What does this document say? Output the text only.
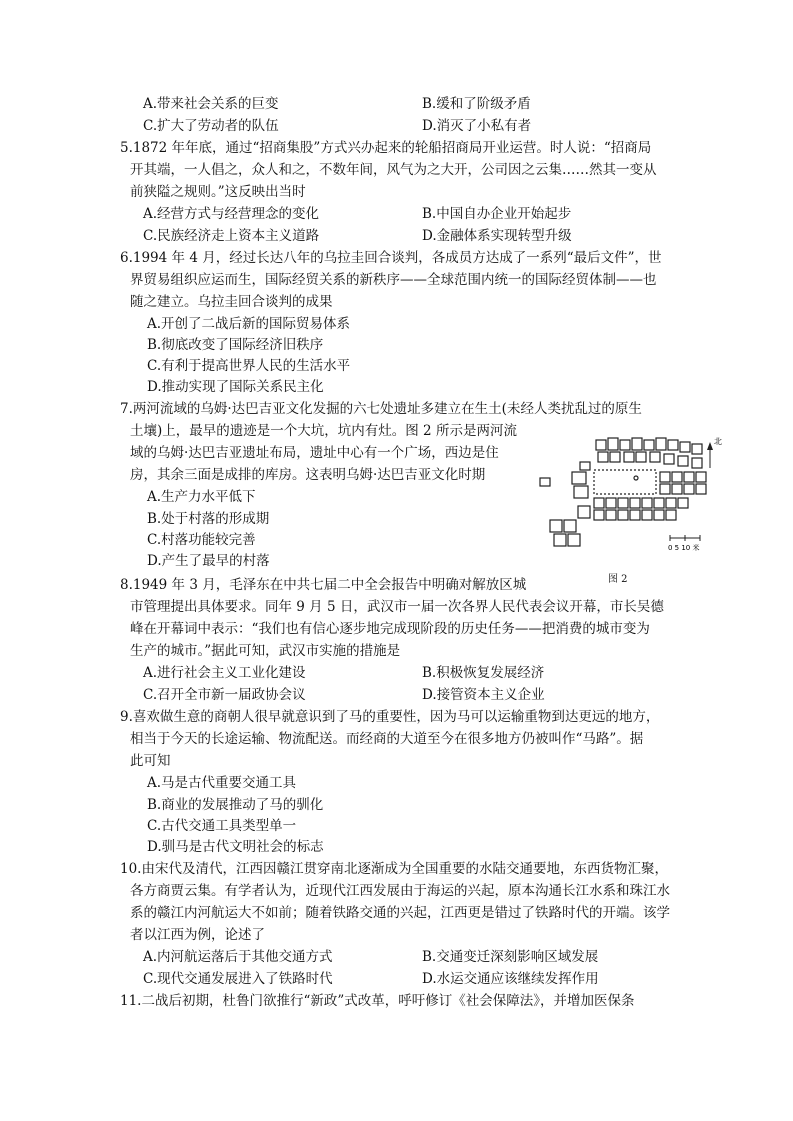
A.带来社会关系的巨变	B.缓和了阶级矛盾
C.扩大了劳动者的队伍	D.消灭了小私有者
5.1872 年年底，通过“招商集股”方式兴办起来的轮船招商局开业运营。时人说：“招商局
开其端，一人倡之，众人和之，不数年间，风气为之大开，公司因之云集……然其一变从
前狭隘之规则。”这反映出当时
A.经营方式与经营理念的变化	B.中国自办企业开始起步
C.民族经济走上资本主义道路	D.金融体系实现转型升级
6.1994 年 4 月，经过长达八年的乌拉圭回合谈判，各成员方达成了一系列“最后文件”，世
界贸易组织应运而生，国际经贸关系的新秩序——全球范围内统一的国际经贸体制——也
随之建立。乌拉圭回合谈判的成果
A.开创了二战后新的国际贸易体系
B.彻底改变了国际经济旧秩序
C.有利于提高世界人民的生活水平
D.推动实现了国际关系民主化
7.两河流域的乌姆·达巴吉亚文化发掘的六七处遗址多建立在生土(未经人类扰乱过的原生
土壤)上，最早的遗迹是一个大坑，坑内有灶。图 2 所示是两河流
域的乌姆·达巴吉亚遗址布局，遗址中心有一个广场，西边是住
房，其余三面是成排的库房。这表明乌姆·达巴吉亚文化时期
A.生产力水平低下
B.处于村落的形成期
C.村落功能较完善
D.产生了最早的村落
北
0 5 10 米
图 2
8.1949 年 3 月，毛泽东在中共七届二中全会报告中明确对解放区城
市管理提出具体要求。同年 9 月 5 日，武汉市一届一次各界人民代表会议开幕，市长吴德
峰在开幕词中表示：“我们也有信心逐步地完成现阶段的历史任务——把消费的城市变为
生产的城市。”据此可知，武汉市实施的措施是
A.进行社会主义工业化建设	B.积极恢复发展经济
C.召开全市新一届政协会议	D.接管资本主义企业
9.喜欢做生意的商朝人很早就意识到了马的重要性，因为马可以运输重物到达更远的地方，
相当于今天的长途运输、物流配送。而经商的大道至今在很多地方仍被叫作“马路”。据
此可知
A.马是古代重要交通工具
B.商业的发展推动了马的驯化
C.古代交通工具类型单一
D.驯马是古代文明社会的标志
10.由宋代及清代，江西因赣江贯穿南北逐渐成为全国重要的水陆交通要地，东西货物汇聚，
各方商贾云集。有学者认为，近现代江西发展由于海运的兴起，原本沟通长江水系和珠江水
系的赣江内河航运大不如前；随着铁路交通的兴起，江西更是错过了铁路时代的开端。该学
者以江西为例，论述了
A.内河航运落后于其他交通方式	B.交通变迁深刻影响区域发展
C.现代交通发展进入了铁路时代	D.水运交通应该继续发挥作用
11.二战后初期，杜鲁门欲推行“新政”式改革，呼吁修订《社会保障法》，并增加医保条
